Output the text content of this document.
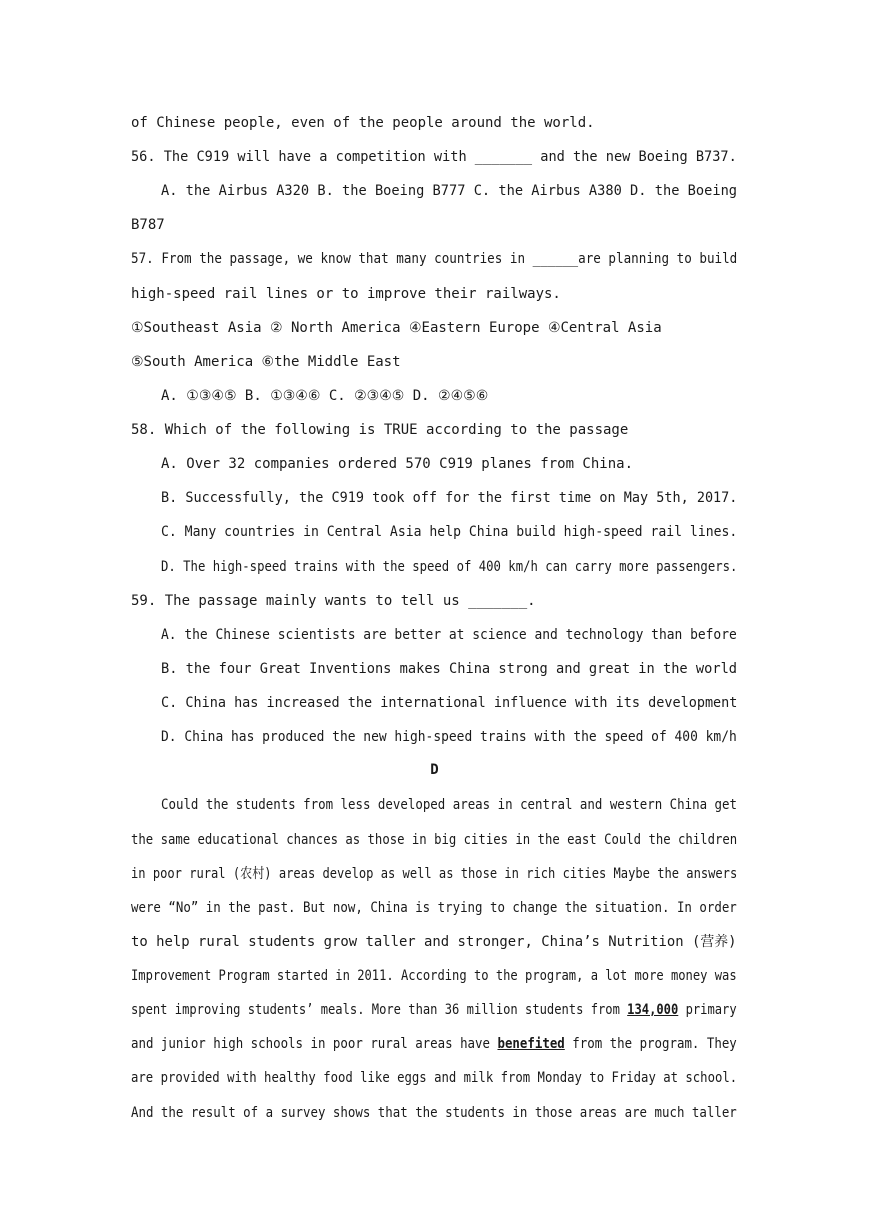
of Chinese people, even of the people around the world.
56. The C919 will have a competition with _______ and the new Boeing B737.
A. the Airbus A320 B. the Boeing B777 C. the Airbus A380 D. the Boeing
B787
57. From the passage, we know that many countries in ______are planning to build
high-speed rail lines or to improve their railways.
①Southeast Asia ② North America ④Eastern Europe ④Central Asia
⑤South America ⑥the Middle East
A. ①③④⑤ B. ①③④⑥ C. ②③④⑤ D. ②④⑤⑥
58. Which of the following is TRUE according to the passage
A. Over 32 companies ordered 570 C919 planes from China.
B. Successfully, the C919 took off for the first time on May 5th, 2017.
C. Many countries in Central Asia help China build high-speed rail lines.
D. The high-speed trains with the speed of 400 km/h can carry more passengers.
59. The passage mainly wants to tell us _______.
A. the Chinese scientists are better at science and technology than before
B. the four Great Inventions makes China strong and great in the world
C. China has increased the international influence with its development
D. China has produced the new high-speed trains with the speed of 400 km/h
D
Could the students from less developed areas in central and western China get
the same educational chances as those in big cities in the east Could the children
in poor rural (农村) areas develop as well as those in rich cities Maybe the answers
were “No” in the past. But now, China is trying to change the situation. In order
to help rural students grow taller and stronger, China’s Nutrition (营养)
Improvement Program started in 2011. According to the program, a lot more money was
spent improving students’ meals. More than 36 million students from 134,000 primary
and junior high schools in poor rural areas have benefited from the program. They
are provided with healthy food like eggs and milk from Monday to Friday at school.
And the result of a survey shows that the students in those areas are much taller
